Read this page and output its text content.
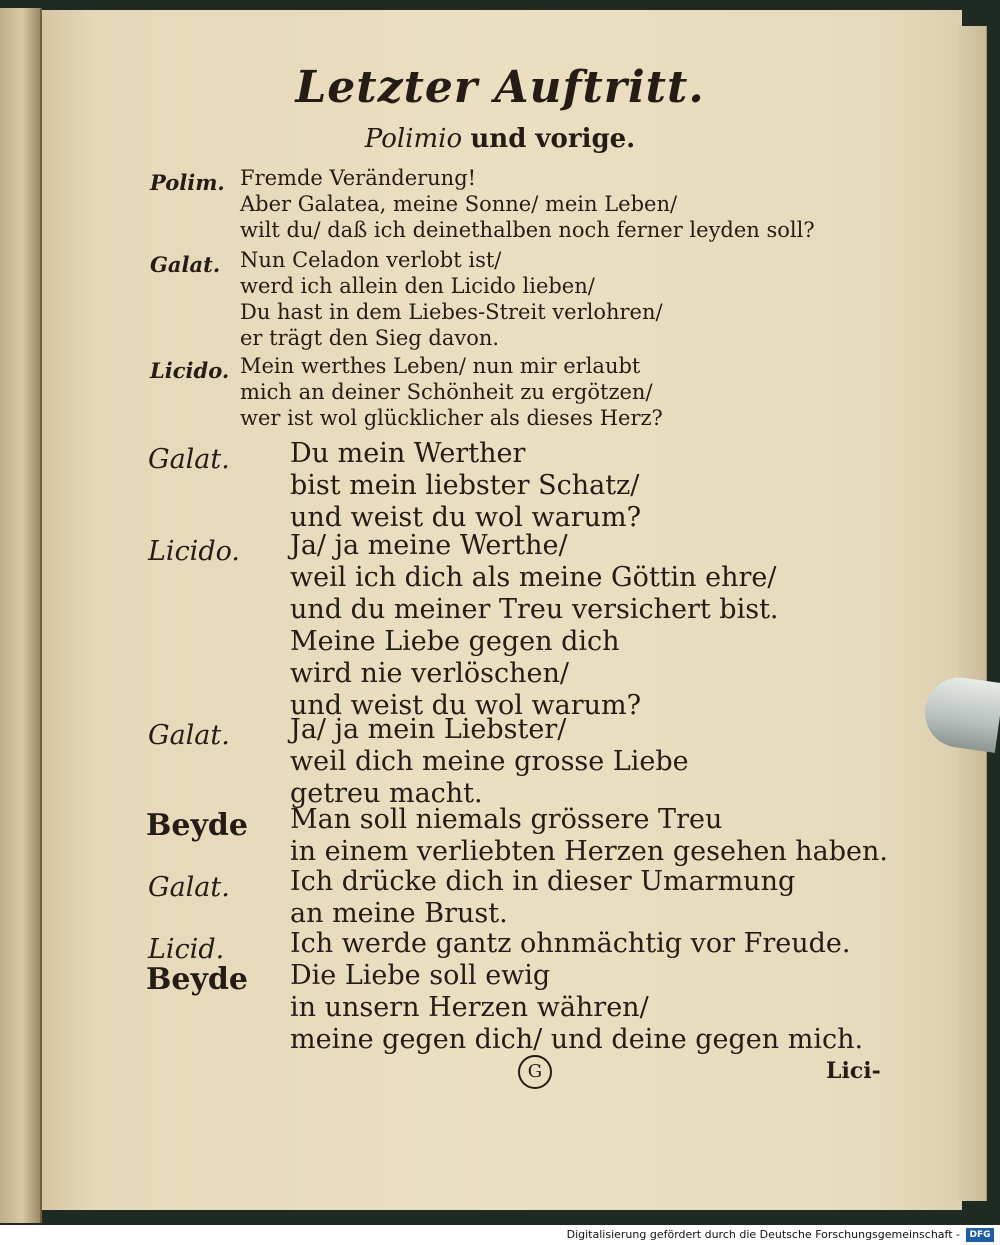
Letzter Auftritt.
Polimio und vorige.
Polim. Fremde Veränderung!
Aber Galatea, meine Sonne/ mein Leben/
wilt du/ daß ich deinethalben noch ferner leyden soll?
Galat. Nun Celadon verlobt ist/
werd ich allein den Licido lieben/
Du hast in dem Liebes-Streit verlohren/
er trägt den Sieg davon.
Licido. Mein werthes Leben/ nun mir erlaubt
mich an deiner Schönheit zu ergötzen/
wer ist wol glücklicher als dieses Herz?
Galat. Du mein Werther
bist mein liebster Schatz/
und weist du wol warum?
Licido. Ja/ ja meine Werthe/
weil ich dich als meine Göttin ehre/
und du meiner Treu versichert bist.
Meine Liebe gegen dich
wird nie verlöschen/
und weist du wol warum?
Galat. Ja/ ja mein Liebster/
weil dich meine grosse Liebe
getreu macht.
Beyde Man soll niemals grössere Treu
in einem verliebten Herzen gesehen haben.
Galat. Ich drücke dich in dieser Umarmung
an meine Brust.
Licid. Ich werde gantz ohnmächtig vor Freude.
Beyde Die Liebe soll ewig
in unsern Herzen währen/
meine gegen dich/ und deine gegen mich.
G	Lici-
Digitalisierung gefördert durch die Deutsche Forschungsgemeinschaft -	DFG
